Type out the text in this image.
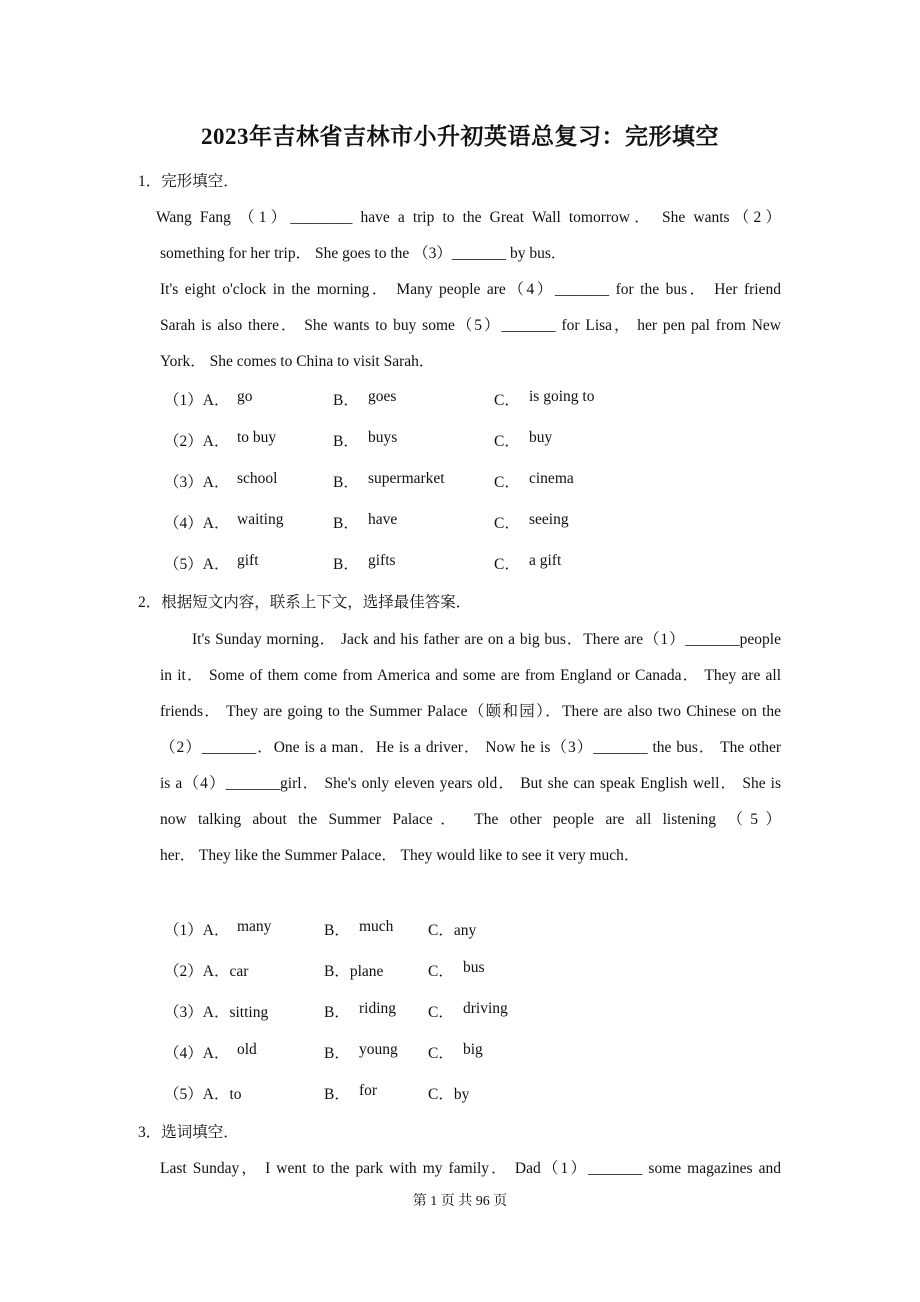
2023年吉林省吉林市小升初英语总复习：完形填空
1．完形填空．
Wang Fang （1）________ have a trip to the Great Wall tomorrow． She wants（2）
something for her trip． She goes to the （3）_______ by bus．
It's eight o'clock in the morning． Many people are（4）_______ for the bus． Her friend
Sarah is also there． She wants to buy some（5）_______ for Lisa， her pen pal from New
York． She comes to China to visit Sarah．
（1）A． go	B． goes	C． is going to
（2）A． to buy	B． buys	C． buy
（3）A． school	B． supermarket	C． cinema
（4）A． waiting	B． have	C． seeing
（5）A． gift	B． gifts	C． a gift
2．根据短文内容，联系上下文，选择最佳答案．
It's Sunday morning． Jack and his father are on a big bus．There are（1）_______people
in it． Some of them come from America and some are from England or Canada． They are all
friends． They are going to the Summer Palace（颐和园）．There are also two Chinese on the
（2）_______．One is a man．He is a driver． Now he is（3）_______ the bus． The other
is a（4）_______girl． She's only eleven years old． But she can speak English well． She is
now talking about the Summer Palace． The other people are all listening （5）
her． They like the Summer Palace． They would like to see it very much．
（1）A． many	B． much C．any
（2）A．car	B．plane	C． bus
（3）A．sitting	B． riding C． driving
（4）A． old	B． young C． big
（5）A．to	B． for	C．by
3．选词填空．
Last Sunday， I went to the park with my family． Dad（1）_______ some magazines and
第 1 页 共 96 页
